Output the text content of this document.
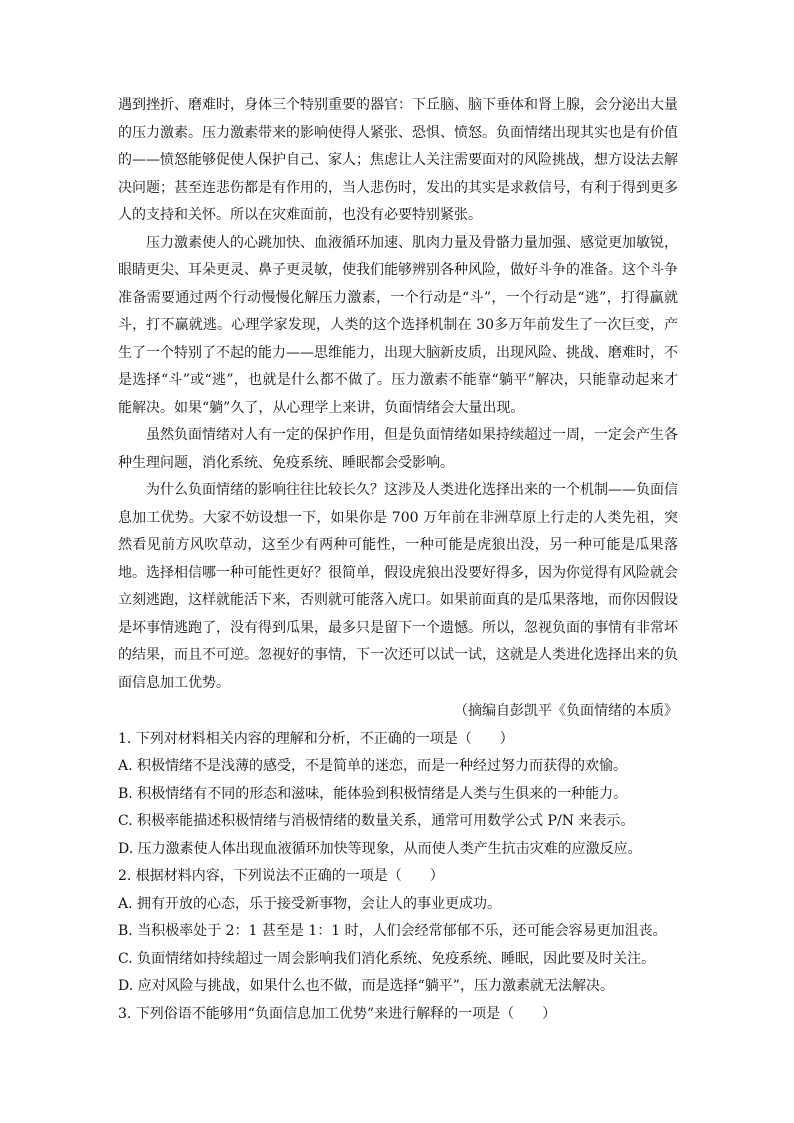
遇到挫折、磨难时，身体三个特别重要的器官：下丘脑、脑下垂体和肾上腺，会分泌出大量的压力激素。压力激素带来的影响使得人紧张、恐惧、愤怒。负面情绪出现其实也是有价值的——愤怒能够促使人保护自己、家人；焦虑让人关注需要面对的风险挑战，想方设法去解决问题；甚至连悲伤都是有作用的，当人悲伤时，发出的其实是求救信号，有利于得到更多人的支持和关怀。所以在灾难面前，也没有必要特别紧张。

压力激素使人的心跳加快、血液循环加速、肌肉力量及骨骼力量加强、感觉更加敏锐，眼睛更尖、耳朵更灵、鼻子更灵敏，使我们能够辨别各种风险，做好斗争的准备。这个斗争准备需要通过两个行动慢慢化解压力激素，一个行动是“斗”，一个行动是“逃”，打得赢就斗，打不赢就逃。心理学家发现，人类的这个选择机制在 30多万年前发生了一次巨变，产生了一个特别了不起的能力——思维能力，出现大脑新皮质，出现风险、挑战、磨难时，不是选择“斗”或“逃”，也就是什么都不做了。压力激素不能靠“躺平”解决，只能靠动起来才能解决。如果“躺”久了，从心理学上来讲，负面情绪会大量出现。

虽然负面情绪对人有一定的保护作用，但是负面情绪如果持续超过一周，一定会产生各种生理问题，消化系统、免疫系统、睡眠都会受影响。

为什么负面情绪的影响往往比较长久？这涉及人类进化选择出来的一个机制——负面信息加工优势。大家不妨设想一下，如果你是 700 万年前在非洲草原上行走的人类先祖，突然看见前方风吹草动，这至少有两种可能性，一种可能是虎狼出没，另一种可能是瓜果落地。选择相信哪一种可能性更好？很简单，假设虎狼出没要好得多，因为你觉得有风险就会立刻逃跑，这样就能活下来，否则就可能落入虎口。如果前面真的是瓜果落地，而你因假设是坏事情逃跑了，没有得到瓜果，最多只是留下一个遗憾。所以，忽视负面的事情有非常坏的结果，而且不可逆。忽视好的事情，下一次还可以试一试，这就是人类进化选择出来的负面信息加工优势。

（摘编自彭凯平《负面情绪的本质》

1. 下列对材料相关内容的理解和分析，不正确的一项是（　　）
A. 积极情绪不是浅薄的感受，不是简单的迷恋，而是一种经过努力而获得的欢愉。
B. 积极情绪有不同的形态和滋味，能体验到积极情绪是人类与生俱来的一种能力。
C. 积极率能描述积极情绪与消极情绪的数量关系，通常可用数学公式 P/N 来表示。
D. 压力激素使人体出现血液循环加快等现象，从而使人类产生抗击灾难的应激反应。
2. 根据材料内容，下列说法不正确的一项是（　　）
A. 拥有开放的心态，乐于接受新事物，会让人的事业更成功。
B. 当积极率处于 2：1 甚至是 1：1 时，人们会经常郁郁不乐，还可能会容易更加沮丧。
C. 负面情绪如持续超过一周会影响我们消化系统、免疫系统、睡眠，因此要及时关注。
D. 应对风险与挑战，如果什么也不做，而是选择“躺平”，压力激素就无法解决。
3. 下列俗语不能够用“负面信息加工优势”来进行解释的一项是（　　）
